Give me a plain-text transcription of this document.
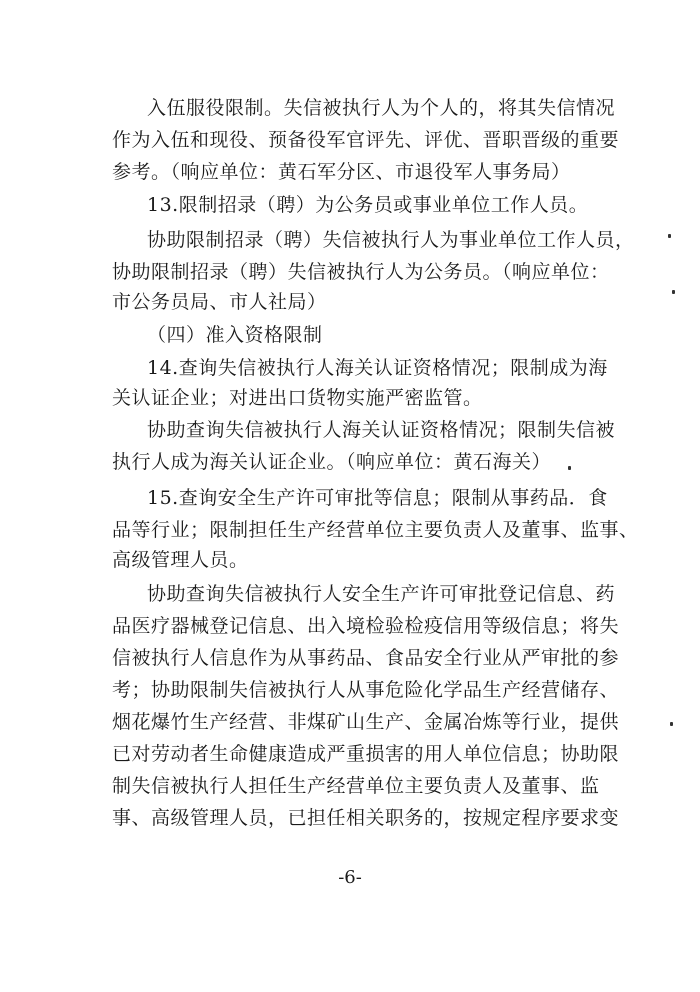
入伍服役限制。失信被执行人为个人的，将其失信情况
作为入伍和现役、预备役军官评先、评优、晋职晋级的重要
参考。（响应单位：黄石军分区、市退役军人事务局）
13.限制招录（聘）为公务员或事业单位工作人员。
协助限制招录（聘）失信被执行人为事业单位工作人员，
协助限制招录（聘）失信被执行人为公务员。（响应单位：
市公务员局、市人社局）
（四）准入资格限制
14.查询失信被执行人海关认证资格情况；限制成为海
关认证企业；对进出口货物实施严密监管。
协助查询失信被执行人海关认证资格情况；限制失信被
执行人成为海关认证企业。（响应单位：黄石海关）
15.查询安全生产许可审批等信息；限制从事药品．食
品等行业；限制担任生产经营单位主要负责人及董事、监事、
高级管理人员。
协助查询失信被执行人安全生产许可审批登记信息、药
品医疗器械登记信息、出入境检验检疫信用等级信息；将失
信被执行人信息作为从事药品、食品安全行业从严审批的参
考；协助限制失信被执行人从事危险化学品生产经营储存、
烟花爆竹生产经营、非煤矿山生产、金属冶炼等行业，提供
已对劳动者生命健康造成严重损害的用人单位信息；协助限
制失信被执行人担任生产经营单位主要负责人及董事、监
事、高级管理人员，已担任相关职务的，按规定程序要求变
-6-
